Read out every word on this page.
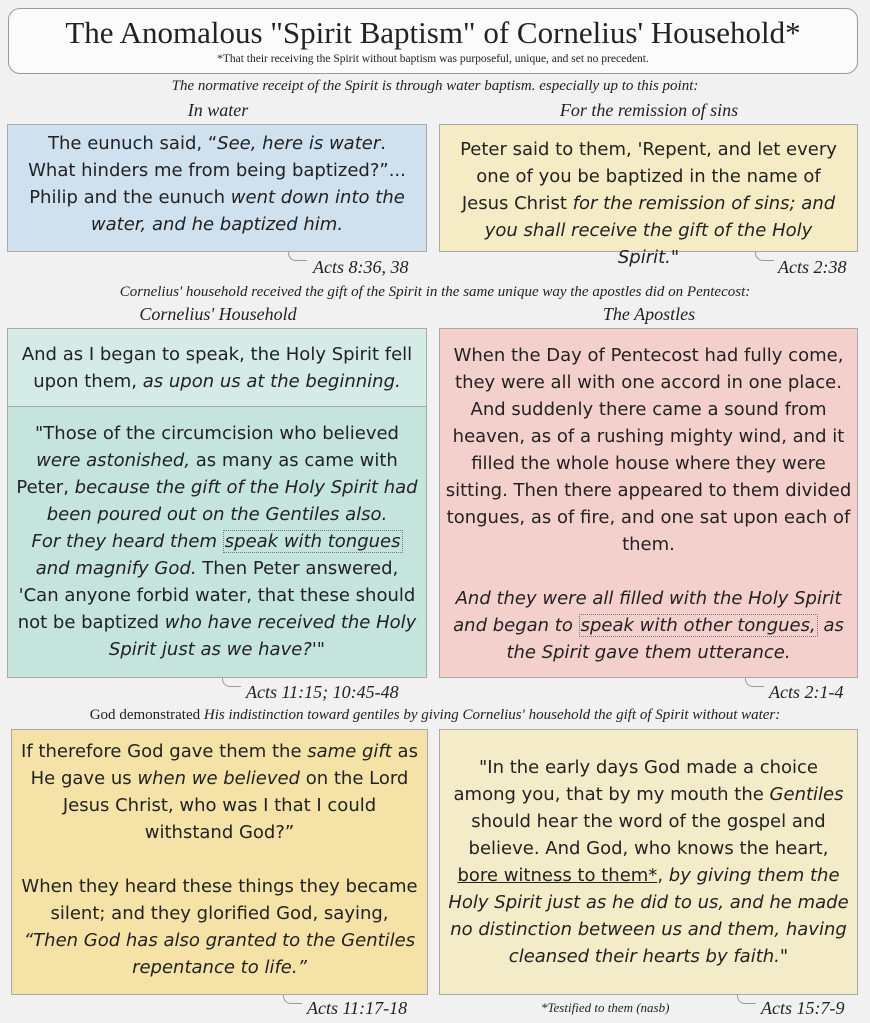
The Anomalous "Spirit Baptism" of Cornelius' Household*
*That their receiving the Spirit without baptism was purposeful, unique, and set no precedent.
The normative receipt of the Spirit is through water baptism. especially up to this point:
In water	For the remission of sins
The eunuch said, “See, here is water. What hinders me from being baptized?”... Philip and the eunuch went down into the water, and he baptized him.
Peter said to them, 'Repent, and let every one of you be baptized in the name of Jesus Christ for the remission of sins; and you shall receive the gift of the Holy Spirit."
Acts 8:36, 38	Acts 2:38
Cornelius' household received the gift of the Spirit in the same unique way the apostles did on Pentecost:
Cornelius' Household	The Apostles
And as I began to speak, the Holy Spirit fell upon them, as upon us at the beginning.
"Those of the circumcision who believed were astonished, as many as came with Peter, because the gift of the Holy Spirit had been poured out on the Gentiles also.
For they heard them speak with tongues and magnify God. Then Peter answered, 'Can anyone forbid water, that these should not be baptized who have received the Holy Spirit just as we have?'"
When the Day of Pentecost had fully come, they were all with one accord in one place. And suddenly there came a sound from heaven, as of a rushing mighty wind, and it filled the whole house where they were sitting. Then there appeared to them divided tongues, as of fire, and one sat upon each of them.

And they were all filled with the Holy Spirit and began to speak with other tongues, as the Spirit gave them utterance.
Acts 11:15; 10:45-48	Acts 2:1-4
God demonstrated His indistinction toward gentiles by giving Cornelius' household the gift of Spirit without water:
If therefore God gave them the same gift as He gave us when we believed on the Lord Jesus Christ, who was I that I could withstand God?”

When they heard these things they became silent; and they glorified God, saying,
“Then God has also granted to the Gentiles repentance to life.”
"In the early days God made a choice among you, that by my mouth the Gentiles should hear the word of the gospel and believe. And God, who knows the heart, bore witness to them*, by giving them the Holy Spirit just as he did to us, and he made no distinction between us and them, having cleansed their hearts by faith."
Acts 11:17-18	*Testified to them (nasb)	Acts 15:7-9
